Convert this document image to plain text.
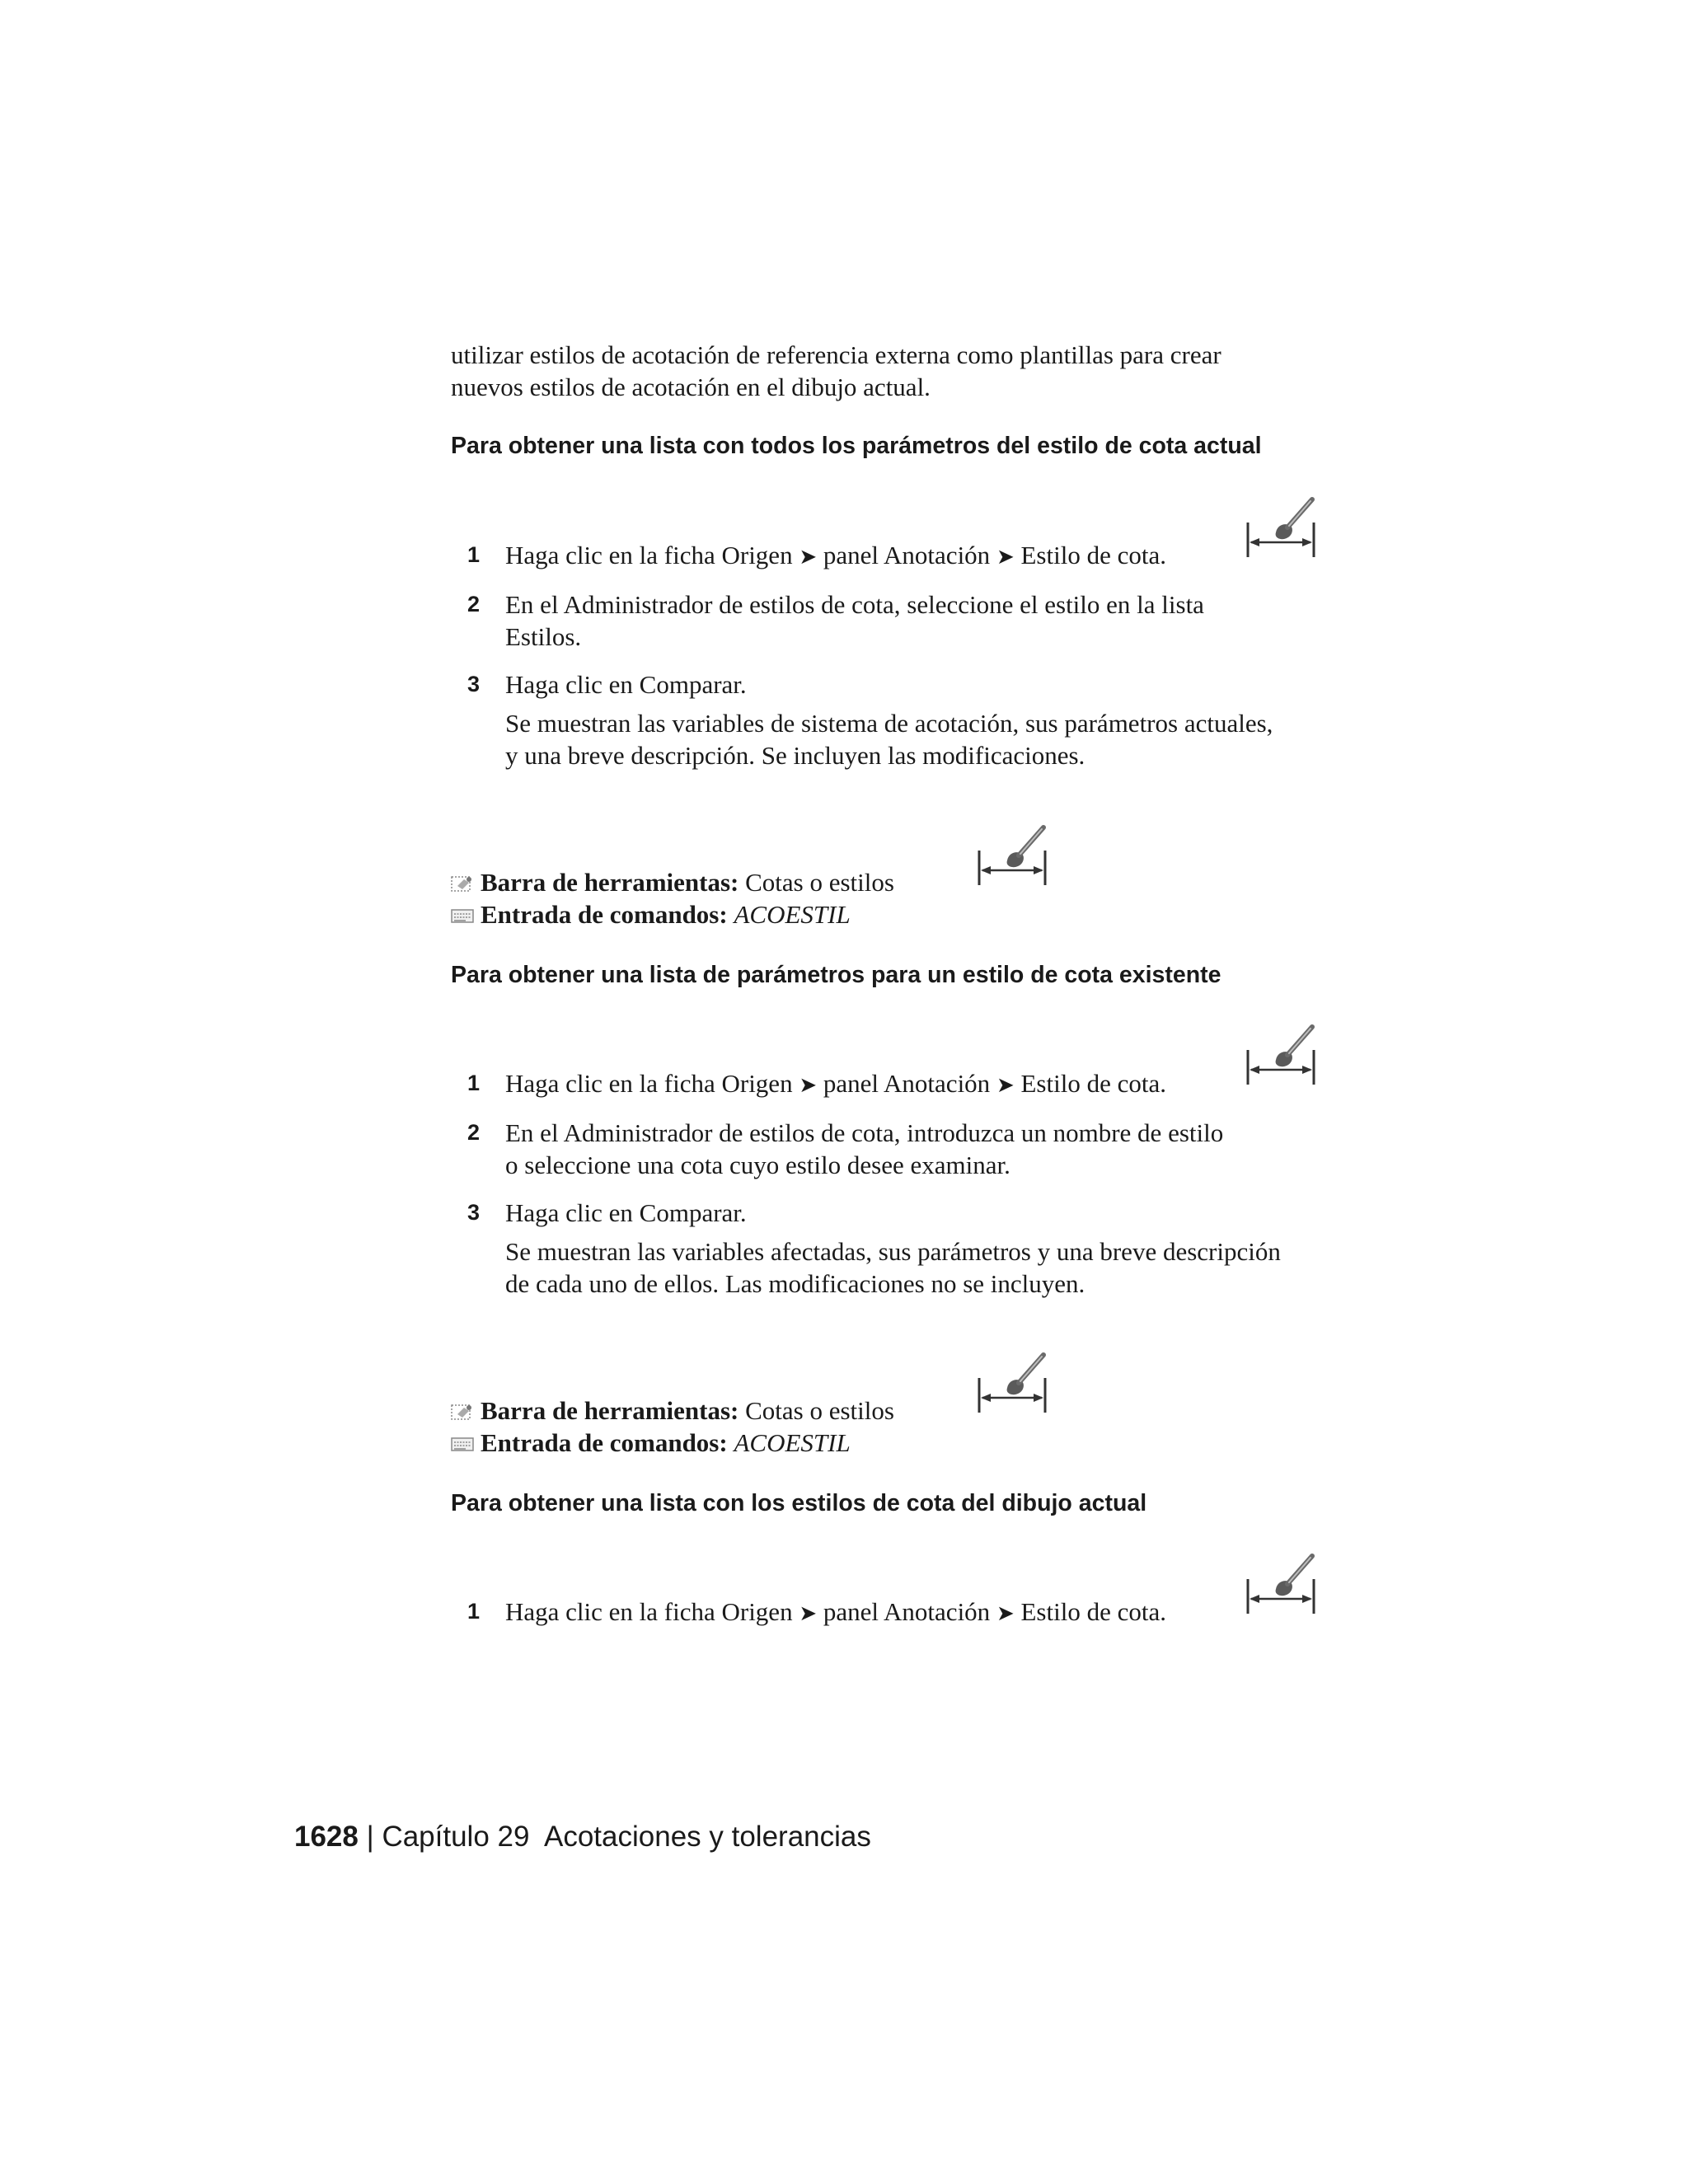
utilizar estilos de acotación de referencia externa como plantillas para crear

nuevos estilos de acotación en el dibujo actual.

Para obtener una lista con todos los parámetros del estilo de cota actual

1 Haga clic en la ficha Origen ➤ panel Anotación ➤ Estilo de cota.
2 En el Administrador de estilos de cota, seleccione el estilo en la lista
Estilos.
3 Haga clic en Comparar.
Se muestran las variables de sistema de acotación, sus parámetros actuales,
y una breve descripción. Se incluyen las modificaciones.
Barra de herramientas: Cotas o estilos
Entrada de comandos: ACOESTIL

Para obtener una lista de parámetros para un estilo de cota existente

1 Haga clic en la ficha Origen ➤ panel Anotación ➤ Estilo de cota.
2 En el Administrador de estilos de cota, introduzca un nombre de estilo
o seleccione una cota cuyo estilo desee examinar.
3 Haga clic en Comparar.
Se muestran las variables afectadas, sus parámetros y una breve descripción
de cada uno de ellos. Las modificaciones no se incluyen.
Barra de herramientas: Cotas o estilos
Entrada de comandos: ACOESTIL

Para obtener una lista con los estilos de cota del dibujo actual

1 Haga clic en la ficha Origen ➤ panel Anotación ➤ Estilo de cota.
1628 | Capítulo 29 Acotaciones y tolerancias
